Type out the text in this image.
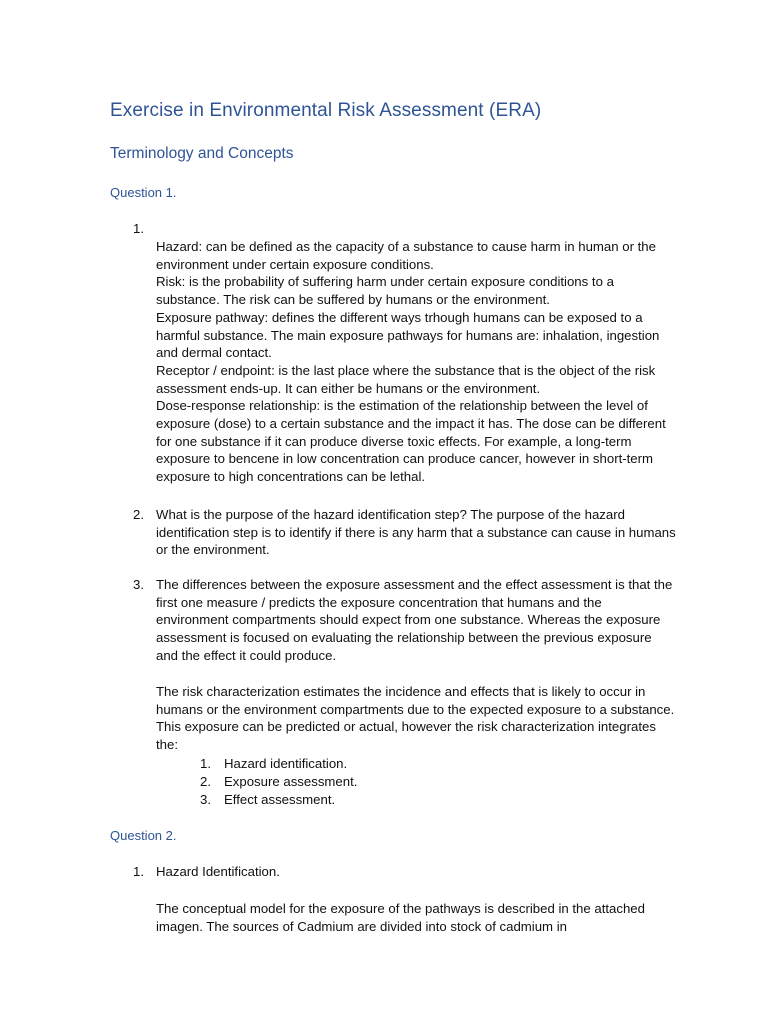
Exercise in Environmental Risk Assessment (ERA)
Terminology and Concepts
Question 1.
1.

Hazard: can be defined as the capacity of a substance to cause harm in human or the environment under certain exposure conditions.

Risk: is the probability of suffering harm under certain exposure conditions to a substance. The risk can be suffered by humans or the environment.

Exposure pathway: defines the different ways trhough humans can be exposed to a harmful substance. The main exposure pathways for humans are: inhalation, ingestion and dermal contact.

Receptor / endpoint: is the last place where the substance that is the object of the risk assessment ends-up. It can either be humans or the environment.

Dose-response relationship: is the estimation of the relationship between the level of exposure (dose) to a certain substance and the impact it has. The dose can be different for one substance if it can produce diverse toxic effects. For example, a long-term exposure to bencene in low concentration can produce cancer, however in short-term exposure to high concentrations can be lethal.

2. What is the purpose of the hazard identification step? The purpose of the hazard identification step is to identify if there is any harm that a substance can cause in humans or the environment.
3. The differences between the exposure assessment and the effect assessment is that the first one measure / predicts the exposure concentration that humans and the environment compartments should expect from one substance. Whereas the exposure assessment is focused on evaluating the relationship between the previous exposure and the effect it could produce.
The risk characterization estimates the incidence and effects that is likely to occur in humans or the environment compartments due to the expected exposure to a substance. This exposure can be predicted or actual, however the risk characterization integrates the:
1. Hazard identification.
2. Exposure assessment.
3. Effect assessment.
Question 2.
1. Hazard Identification.
The conceptual model for the exposure of the pathways is described in the attached imagen. The sources of Cadmium are divided into stock of cadmium in
